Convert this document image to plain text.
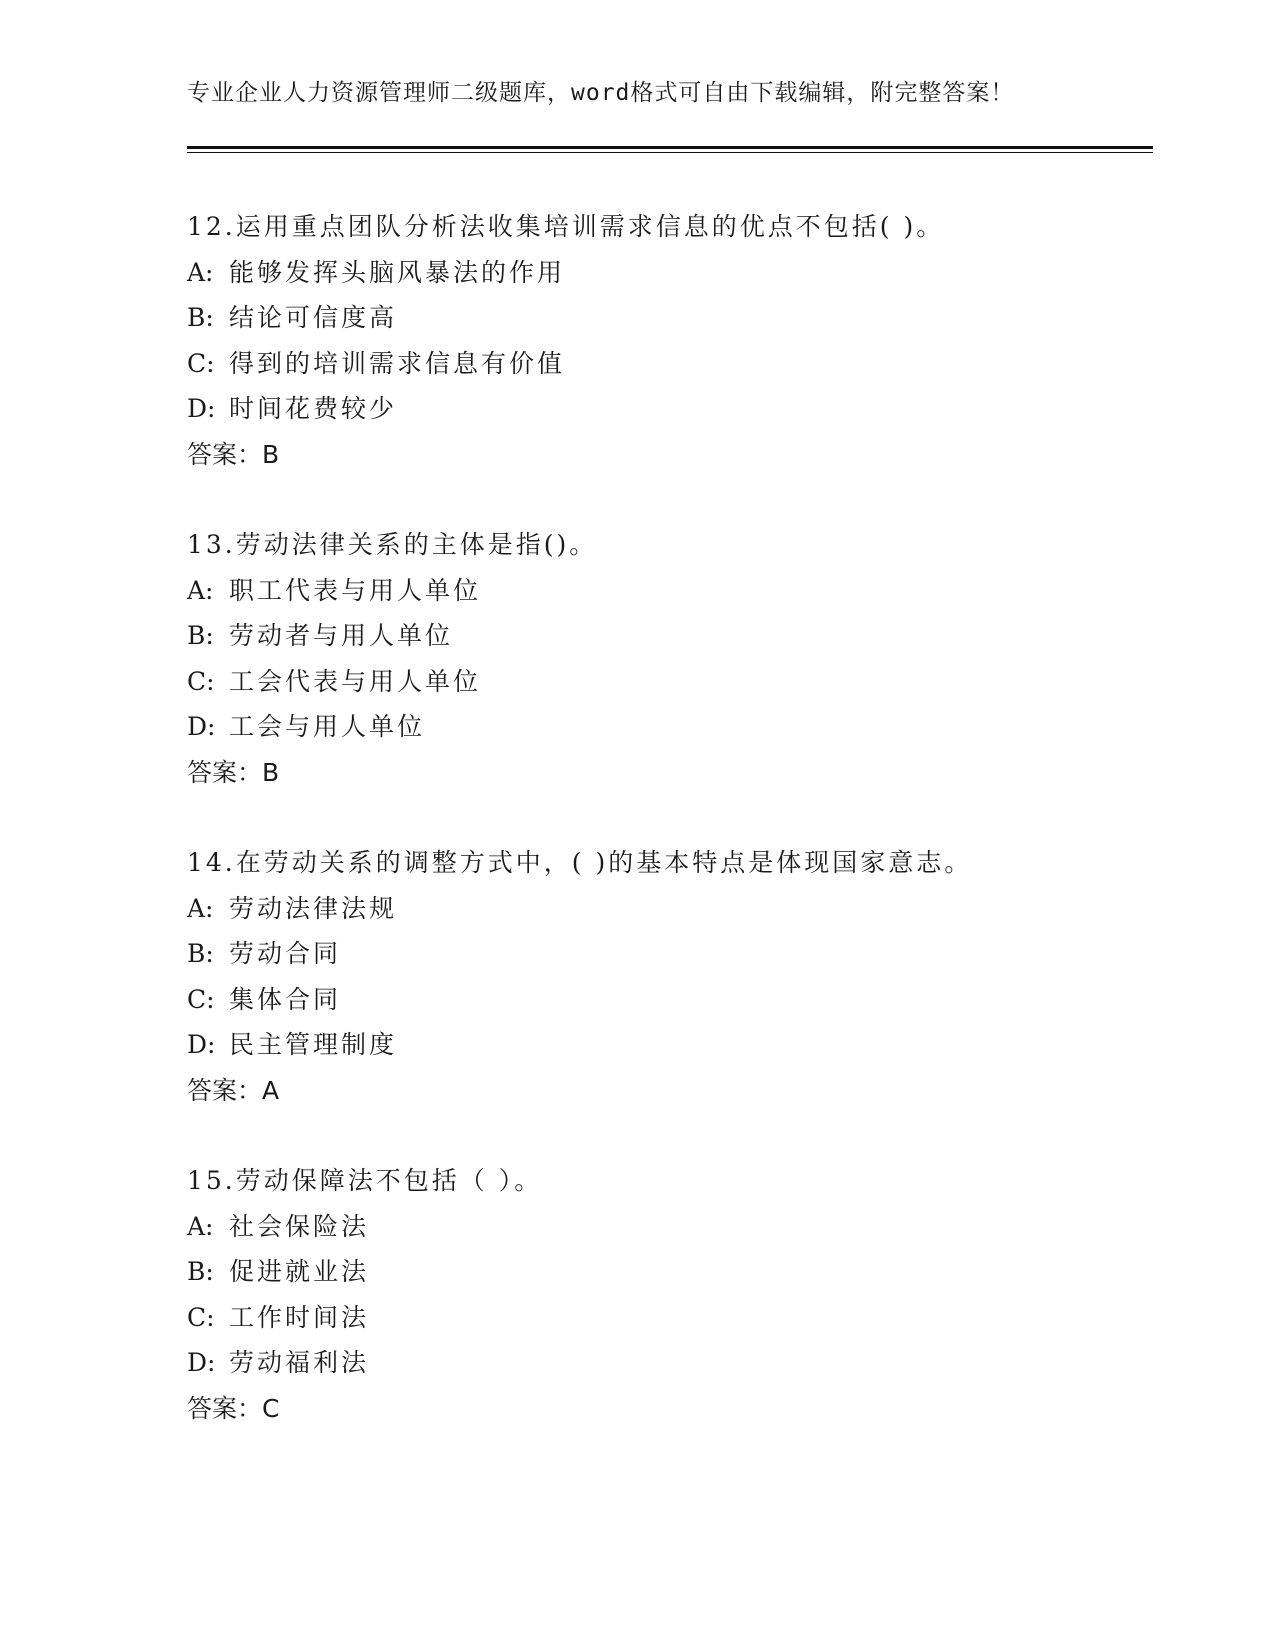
专业企业人力资源管理师二级题库，word格式可自由下载编辑，附完整答案！
12.运用重点团队分析法收集培训需求信息的优点不包括( )。
A: 能够发挥头脑风暴法的作用
B: 结论可信度高
C: 得到的培训需求信息有价值
D: 时间花费较少
答案：B
13.劳动法律关系的主体是指()。
A: 职工代表与用人单位
B: 劳动者与用人单位
C: 工会代表与用人单位
D: 工会与用人单位
答案：B
14.在劳动关系的调整方式中，( )的基本特点是体现国家意志。
A: 劳动法律法规
B: 劳动合同
C: 集体合同
D: 民主管理制度
答案：A
15.劳动保障法不包括（ ）。
A: 社会保险法
B: 促进就业法
C: 工作时间法
D: 劳动福利法
答案：C
